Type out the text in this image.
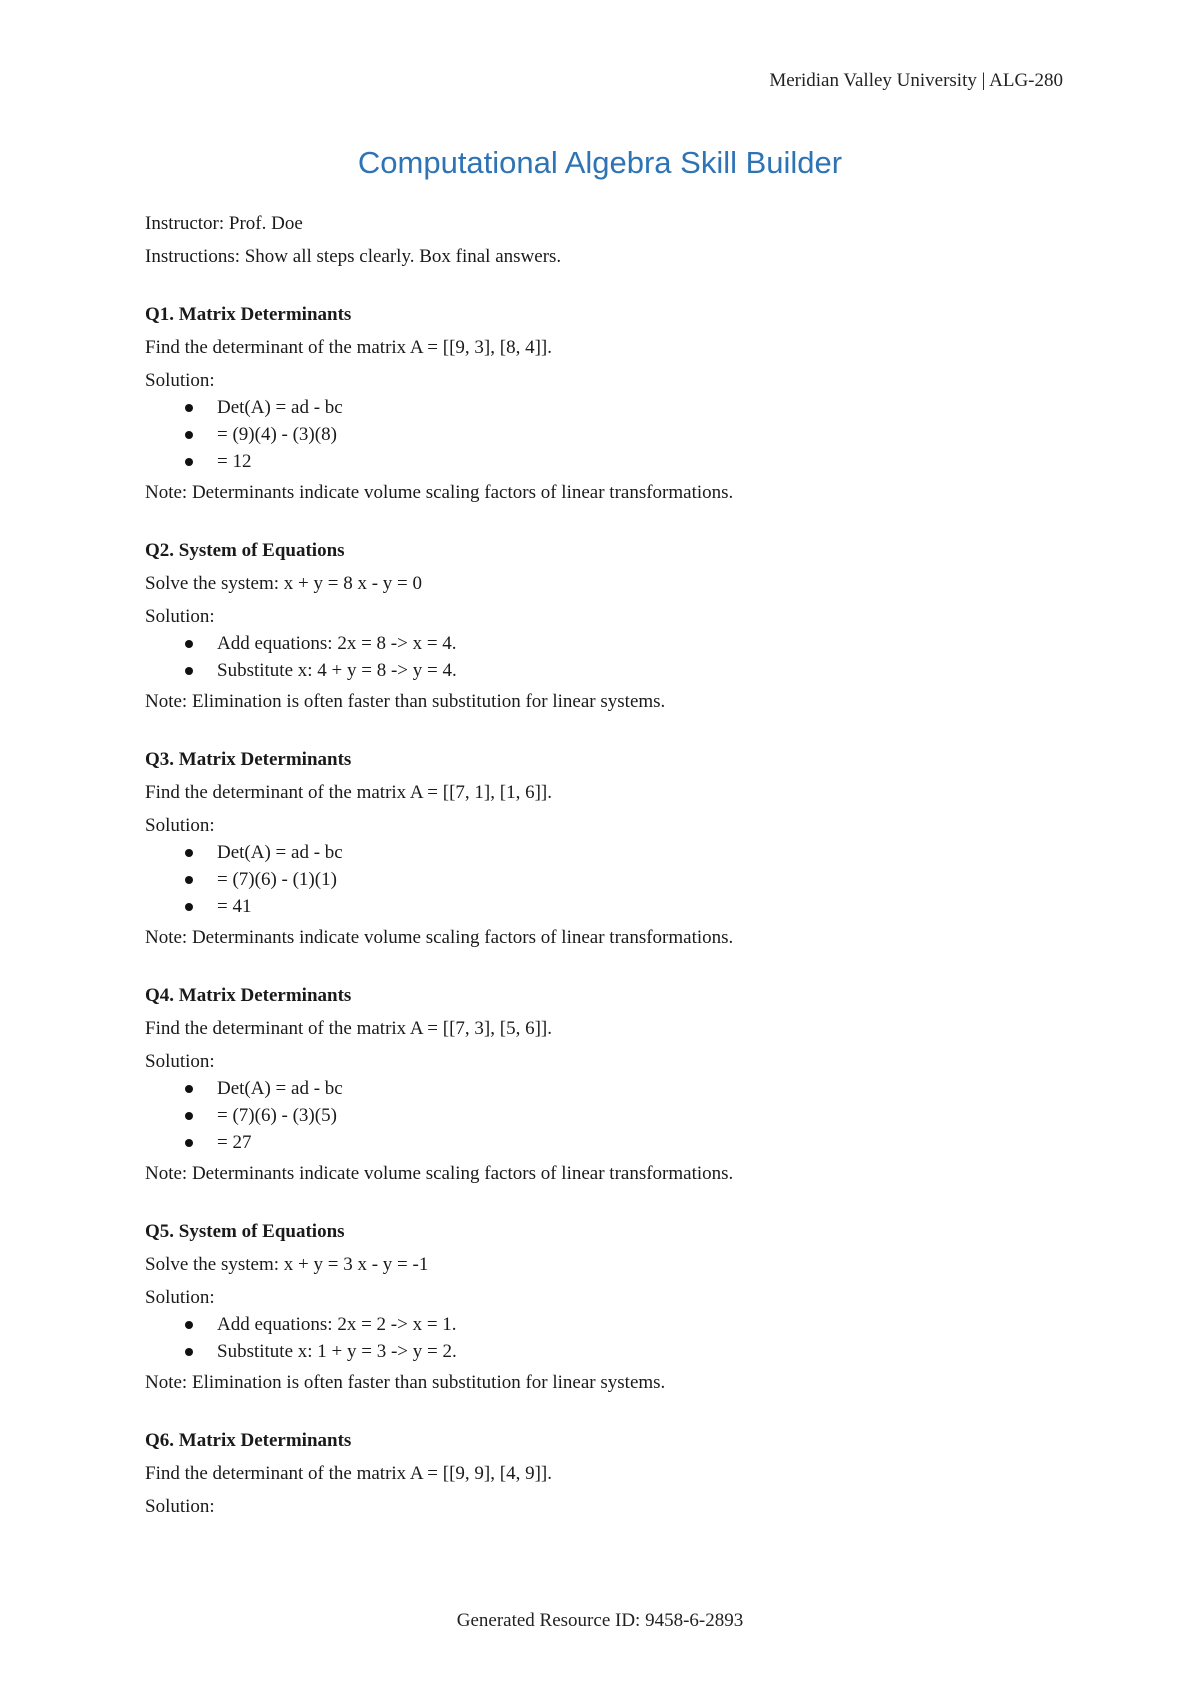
Meridian Valley University | ALG-280
Computational Algebra Skill Builder

Instructor: Prof. Doe

Instructions: Show all steps clearly. Box final answers.

Q1. Matrix Determinants
Find the determinant of the matrix A = [[9, 3], [8, 4]].
Solution:
Det(A) = ad - bc
= (9)(4) - (3)(8)
= 12
Note: Determinants indicate volume scaling factors of linear transformations.
Q2. System of Equations
Solve the system: x + y = 8 x - y = 0
Solution:
Add equations: 2x = 8 -> x = 4.
Substitute x: 4 + y = 8 -> y = 4.
Note: Elimination is often faster than substitution for linear systems.
Q3. Matrix Determinants
Find the determinant of the matrix A = [[7, 1], [1, 6]].
Solution:
Det(A) = ad - bc
= (7)(6) - (1)(1)
= 41
Note: Determinants indicate volume scaling factors of linear transformations.
Q4. Matrix Determinants
Find the determinant of the matrix A = [[7, 3], [5, 6]].
Solution:
Det(A) = ad - bc
= (7)(6) - (3)(5)
= 27
Note: Determinants indicate volume scaling factors of linear transformations.
Q5. System of Equations
Solve the system: x + y = 3 x - y = -1
Solution:
Add equations: 2x = 2 -> x = 1.
Substitute x: 1 + y = 3 -> y = 2.
Note: Elimination is often faster than substitution for linear systems.
Q6. Matrix Determinants
Find the determinant of the matrix A = [[9, 9], [4, 9]].
Solution:
Generated Resource ID: 9458-6-2893
